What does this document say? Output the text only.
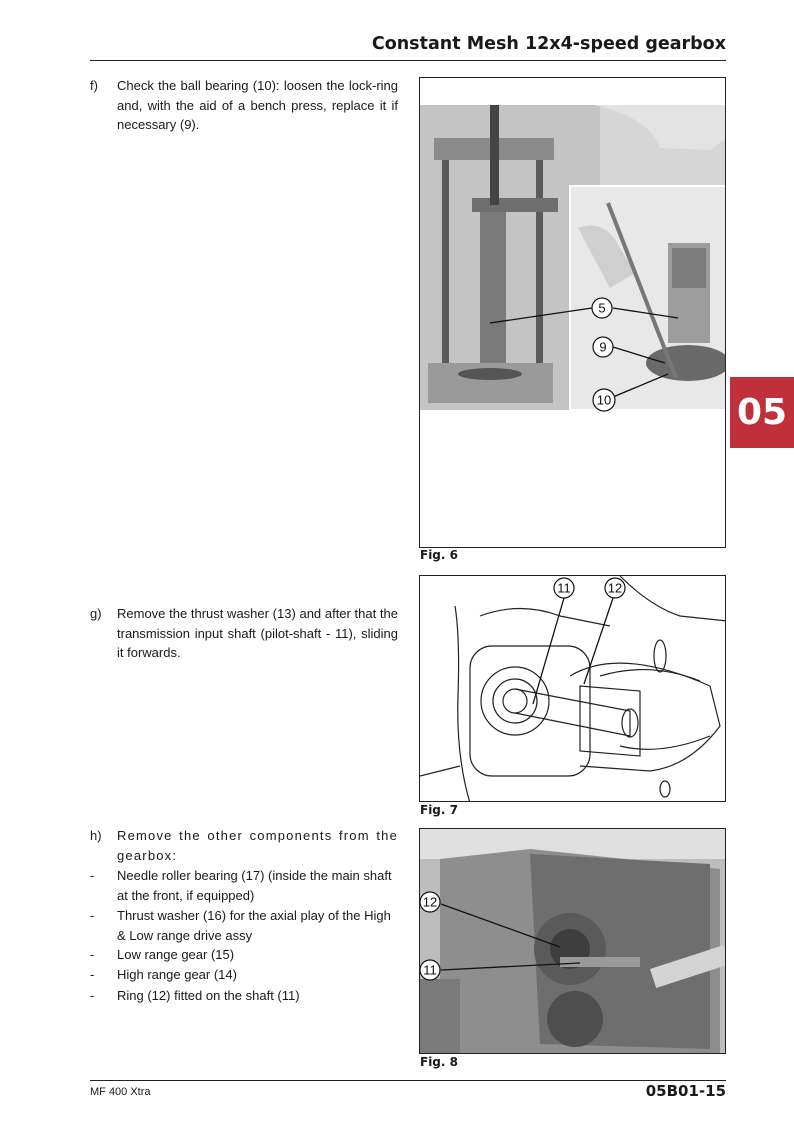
Constant Mesh 12x4-speed gearbox
05
f) Check the ball bearing (10): loosen the lock-ring and, with the aid of a bench press, replace it if necessary (9).
g) Remove the thrust washer (13) and after that the transmission input shaft (pilot-shaft - 11), sliding it forwards.
h) Remove the other components from the gearbox:
- Needle roller bearing (17) (inside the main shaft at the front, if equipped)
- Thrust washer (16) for the axial play of the High & Low range drive assy
- Low range gear (15)
- High range gear (14)
- Ring (12) fitted on the shaft (11)
5
9
10
Fig. 6
11	12
Fig. 7
12
11
Fig. 8
MF 400 Xtra	05B01-15
